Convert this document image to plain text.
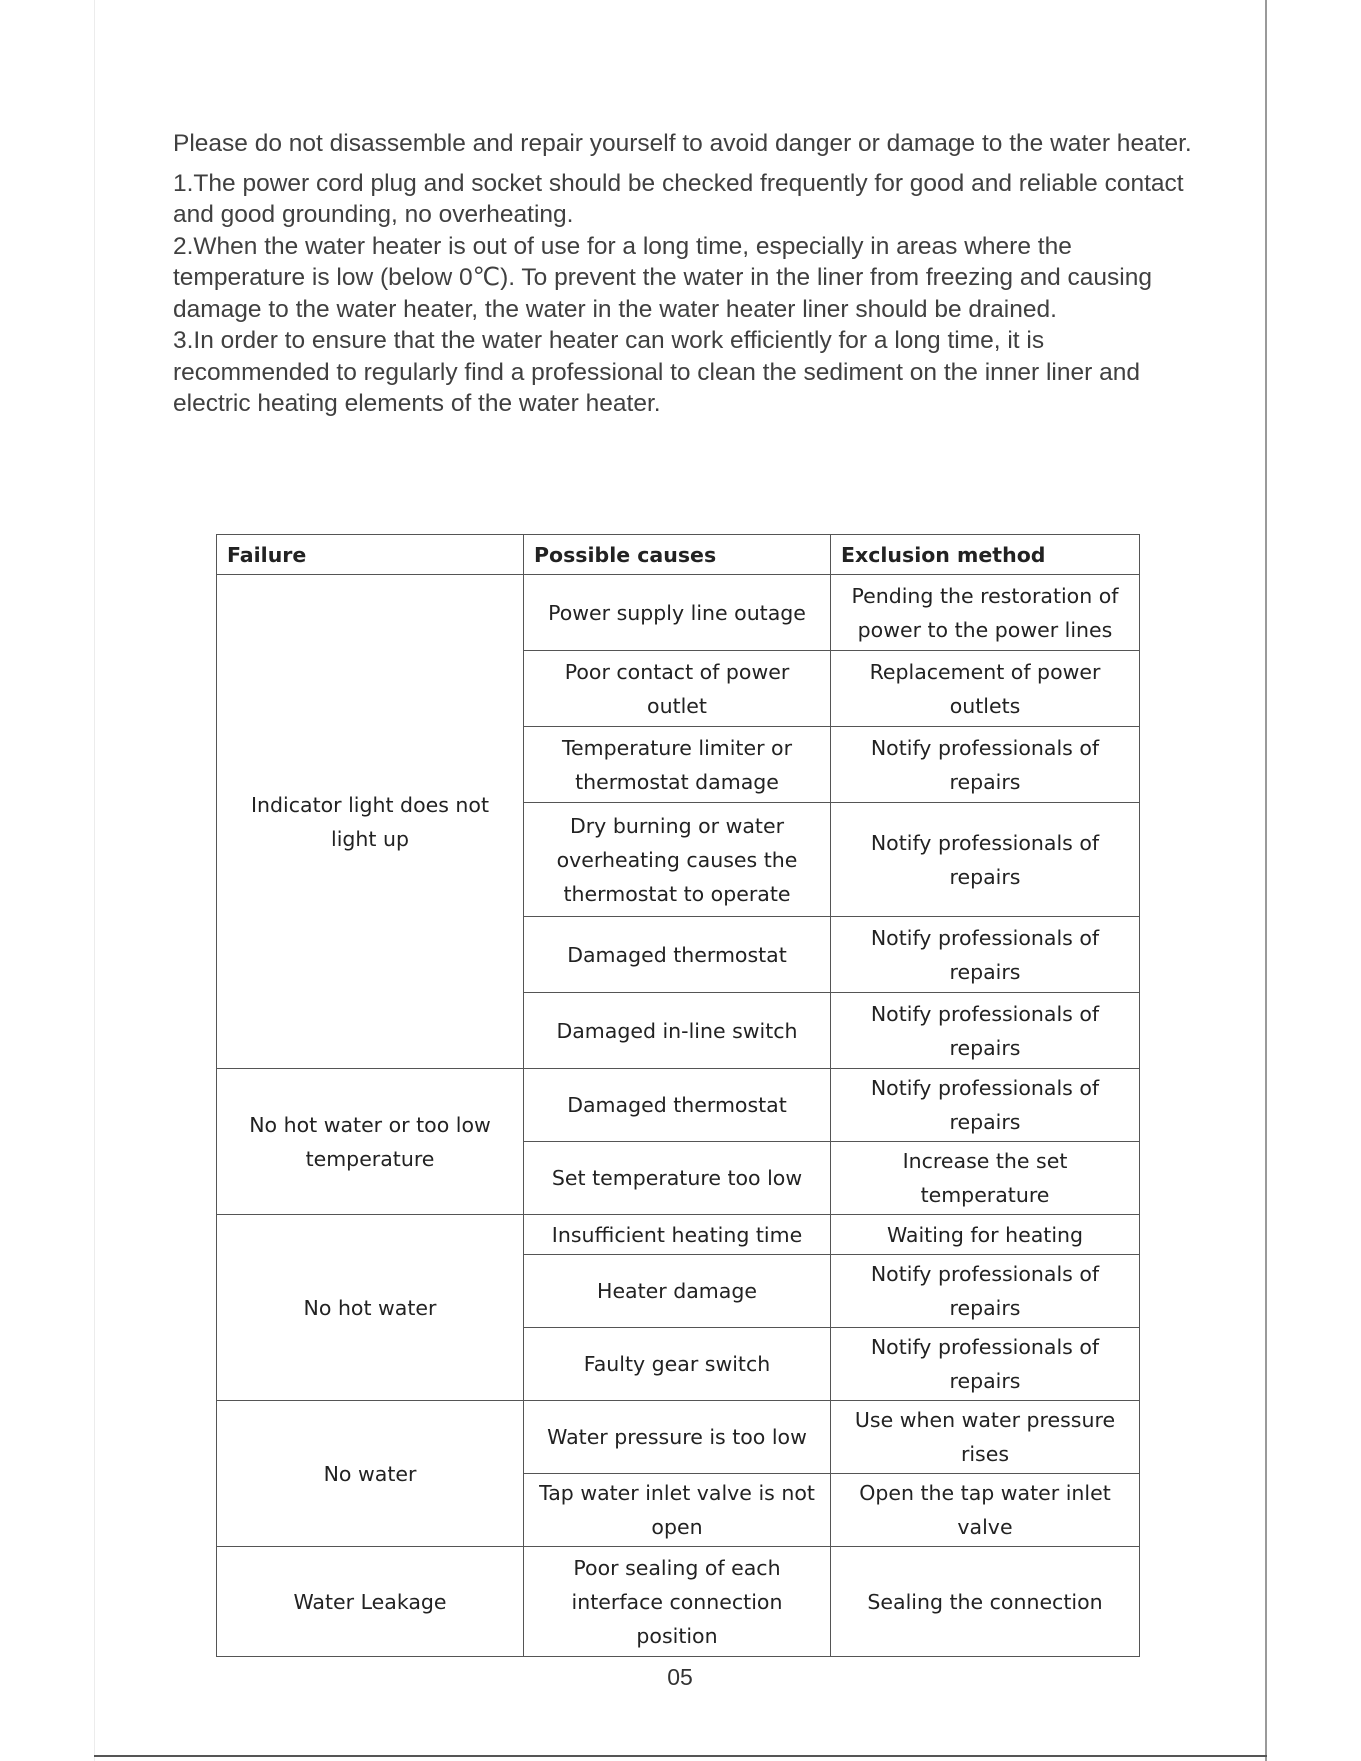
Please do not disassemble and repair yourself to avoid danger or damage to the water heater.

1.The power cord plug and socket should be checked frequently for good and reliable contact and good grounding, no overheating.

2.When the water heater is out of use for a long time, especially in areas where the temperature is low (below 0℃). To prevent the water in the liner from freezing and causing damage to the water heater, the water in the water heater liner should be drained.

3.In order to ensure that the water heater can work efficiently for a long time, it is recommended to regularly find a professional to clean the sediment on the inner liner and electric heating elements of the water heater.

Failure	Possible causes	Exclusion method
Indicator light does not light up	Power supply line outage	Pending the restoration of power to the power lines
	Poor contact of power outlet	Replacement of power outlets
	Temperature limiter or thermostat damage	Notify professionals of repairs
	Dry burning or water overheating causes the thermostat to operate	Notify professionals of repairs
	Damaged thermostat	Notify professionals of repairs
	Damaged in-line switch	Notify professionals of repairs
No hot water or too low temperature	Damaged thermostat	Notify professionals of repairs
	Set temperature too low	Increase the set temperature
No hot water	Insufficient heating time	Waiting for heating
	Heater damage	Notify professionals of repairs
	Faulty gear switch	Notify professionals of repairs
No water	Water pressure is too low	Use when water pressure rises
	Tap water inlet valve is not open	Open the tap water inlet valve
Water Leakage	Poor sealing of each interface connection position	Sealing the connection
05
